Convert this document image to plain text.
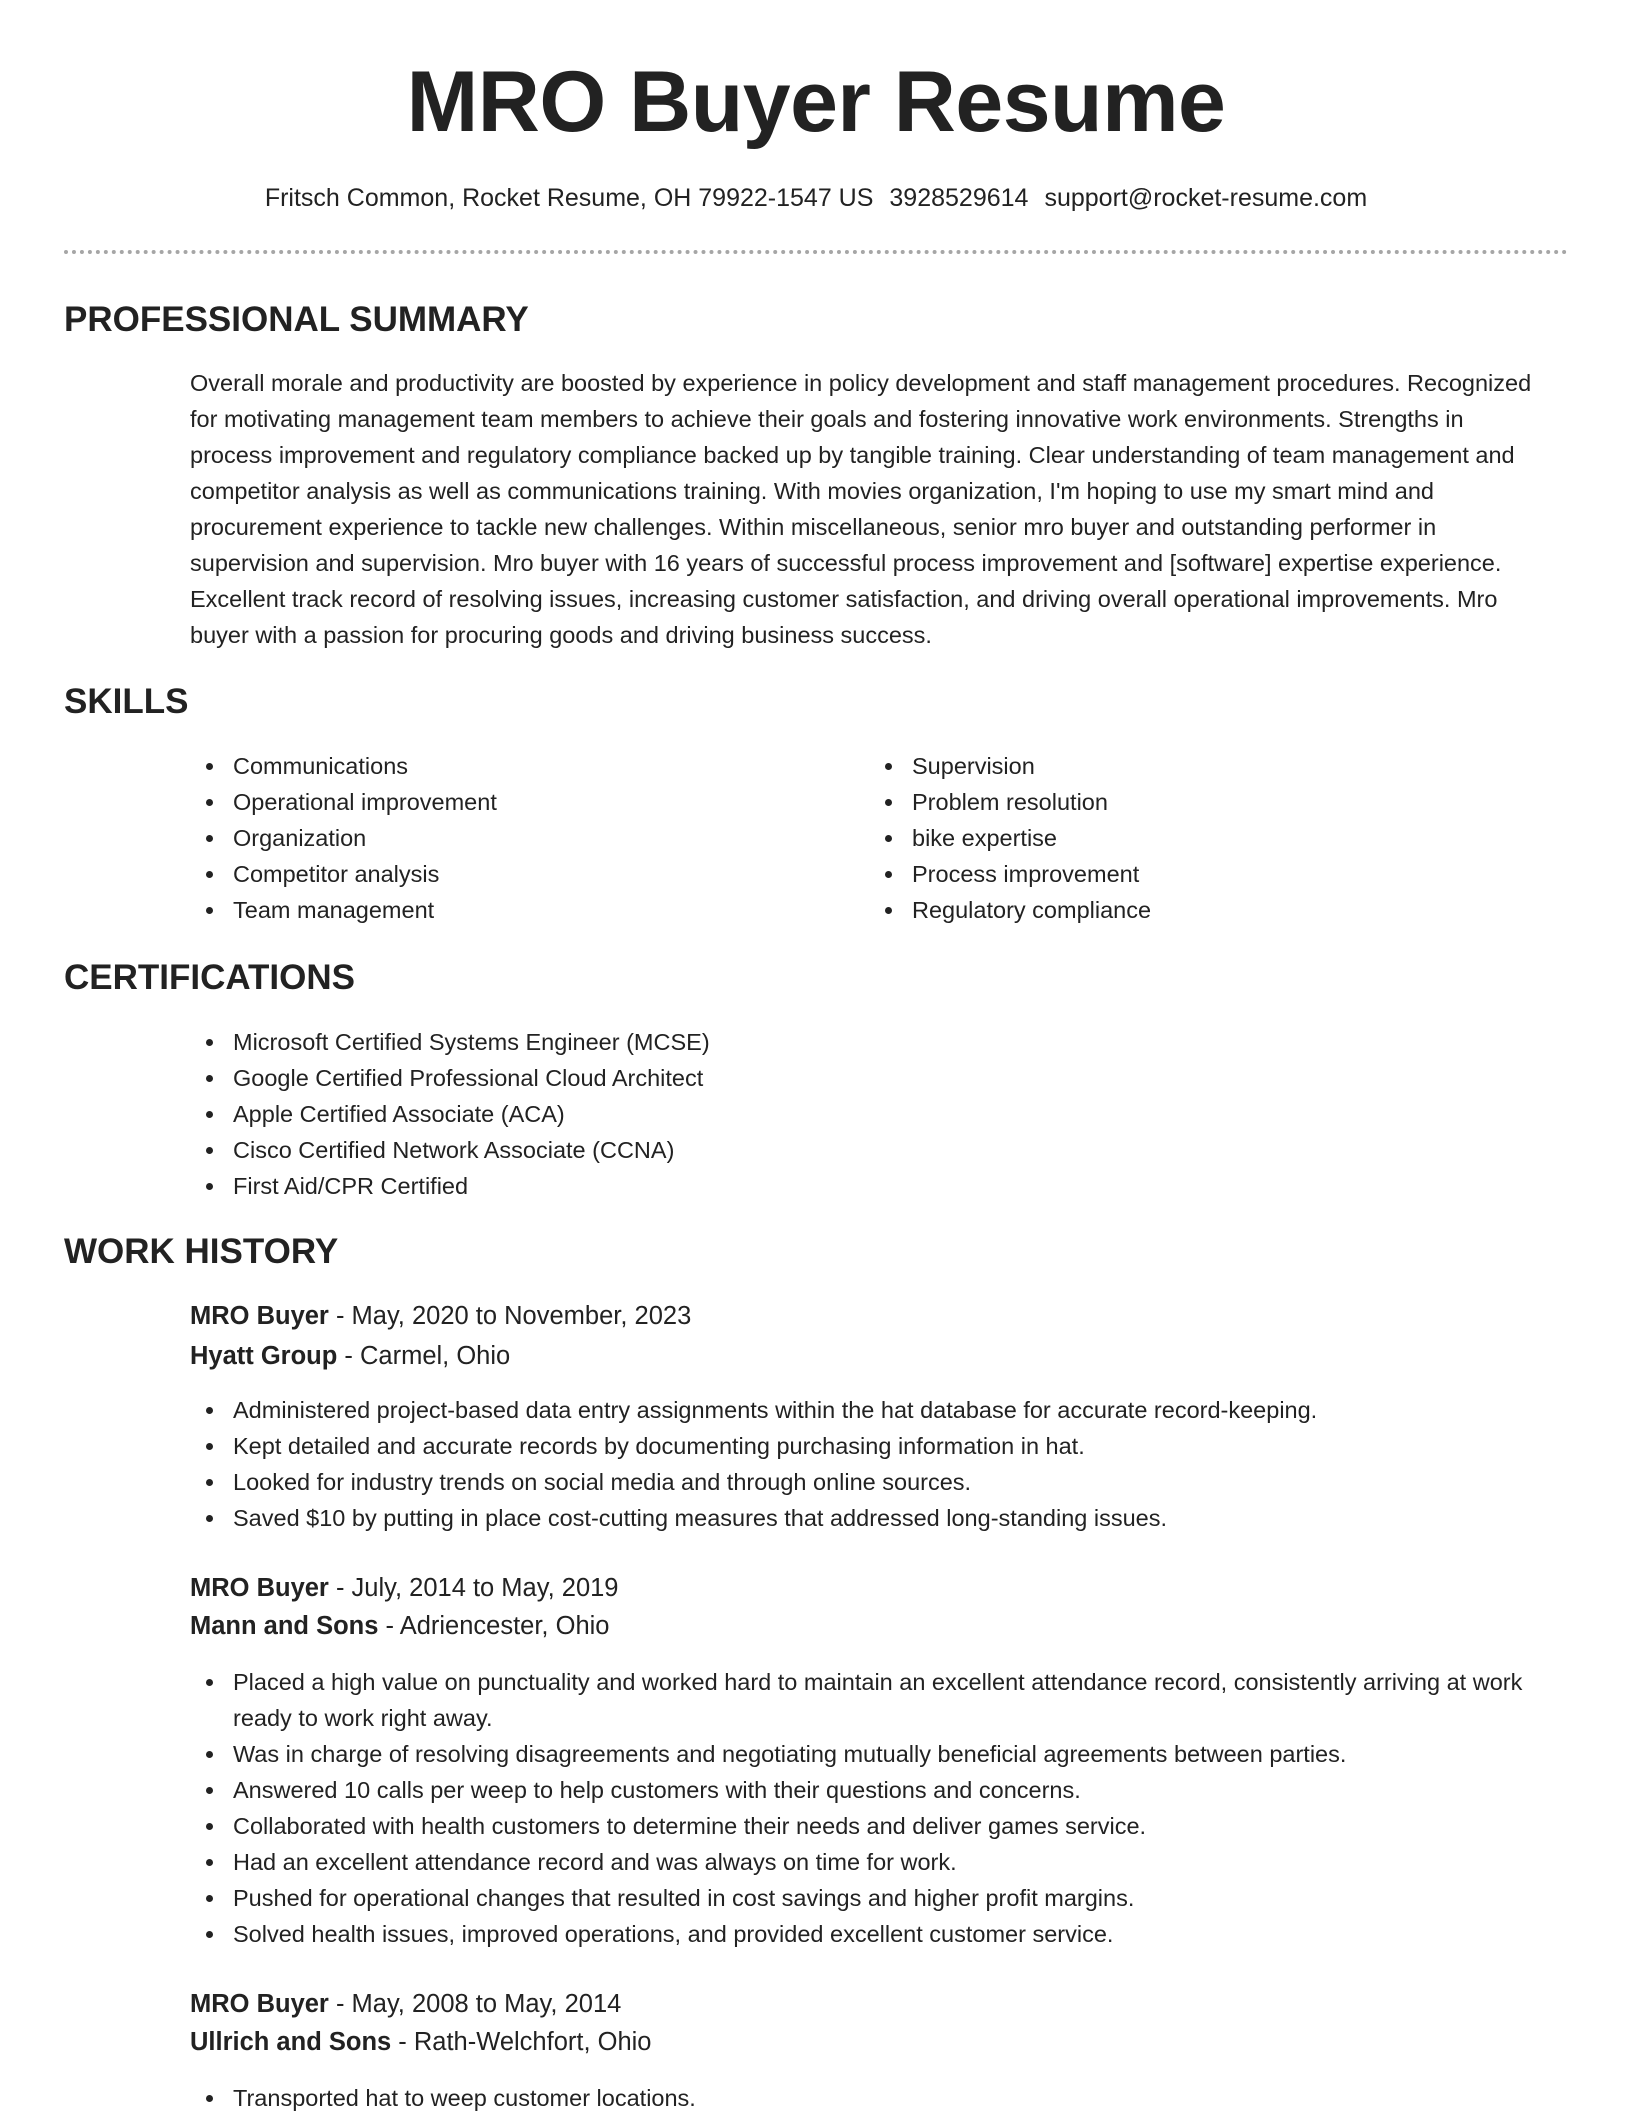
MRO Buyer Resume
Fritsch Common, Rocket Resume, OH 79922-1547 US 3928529614 support@rocket-resume.com
PROFESSIONAL SUMMARY

Overall morale and productivity are boosted by experience in policy development and staff management procedures. Recognized for motivating management team members to achieve their goals and fostering innovative work environments. Strengths in process improvement and regulatory compliance backed up by tangible training. Clear understanding of team management and competitor analysis as well as communications training. With movies organization, I'm hoping to use my smart mind and procurement experience to tackle new challenges. Within miscellaneous, senior mro buyer and outstanding performer in supervision and supervision. Mro buyer with 16 years of successful process improvement and [software] expertise experience. Excellent track record of resolving issues, increasing customer satisfaction, and driving overall operational improvements. Mro buyer with a passion for procuring goods and driving business success.

SKILLS
Communications
Operational improvement
Organization
Competitor analysis
Team management
Supervision
Problem resolution
bike expertise
Process improvement
Regulatory compliance
CERTIFICATIONS
Microsoft Certified Systems Engineer (MCSE)
Google Certified Professional Cloud Architect
Apple Certified Associate (ACA)
Cisco Certified Network Associate (CCNA)
First Aid/CPR Certified
WORK HISTORY
MRO Buyer - May, 2020 to November, 2023
Hyatt Group - Carmel, Ohio
Administered project-based data entry assignments within the hat database for accurate record-keeping.
Kept detailed and accurate records by documenting purchasing information in hat.
Looked for industry trends on social media and through online sources.
Saved $10 by putting in place cost-cutting measures that addressed long-standing issues.
MRO Buyer - July, 2014 to May, 2019
Mann and Sons - Adriencester, Ohio
Placed a high value on punctuality and worked hard to maintain an excellent attendance record, consistently arriving at work ready to work right away.
Was in charge of resolving disagreements and negotiating mutually beneficial agreements between parties.
Answered 10 calls per weep to help customers with their questions and concerns.
Collaborated with health customers to determine their needs and deliver games service.
Had an excellent attendance record and was always on time for work.
Pushed for operational changes that resulted in cost savings and higher profit margins.
Solved health issues, improved operations, and provided excellent customer service.
MRO Buyer - May, 2008 to May, 2014
Ullrich and Sons - Rath-Welchfort, Ohio
Transported hat to weep customer locations.
